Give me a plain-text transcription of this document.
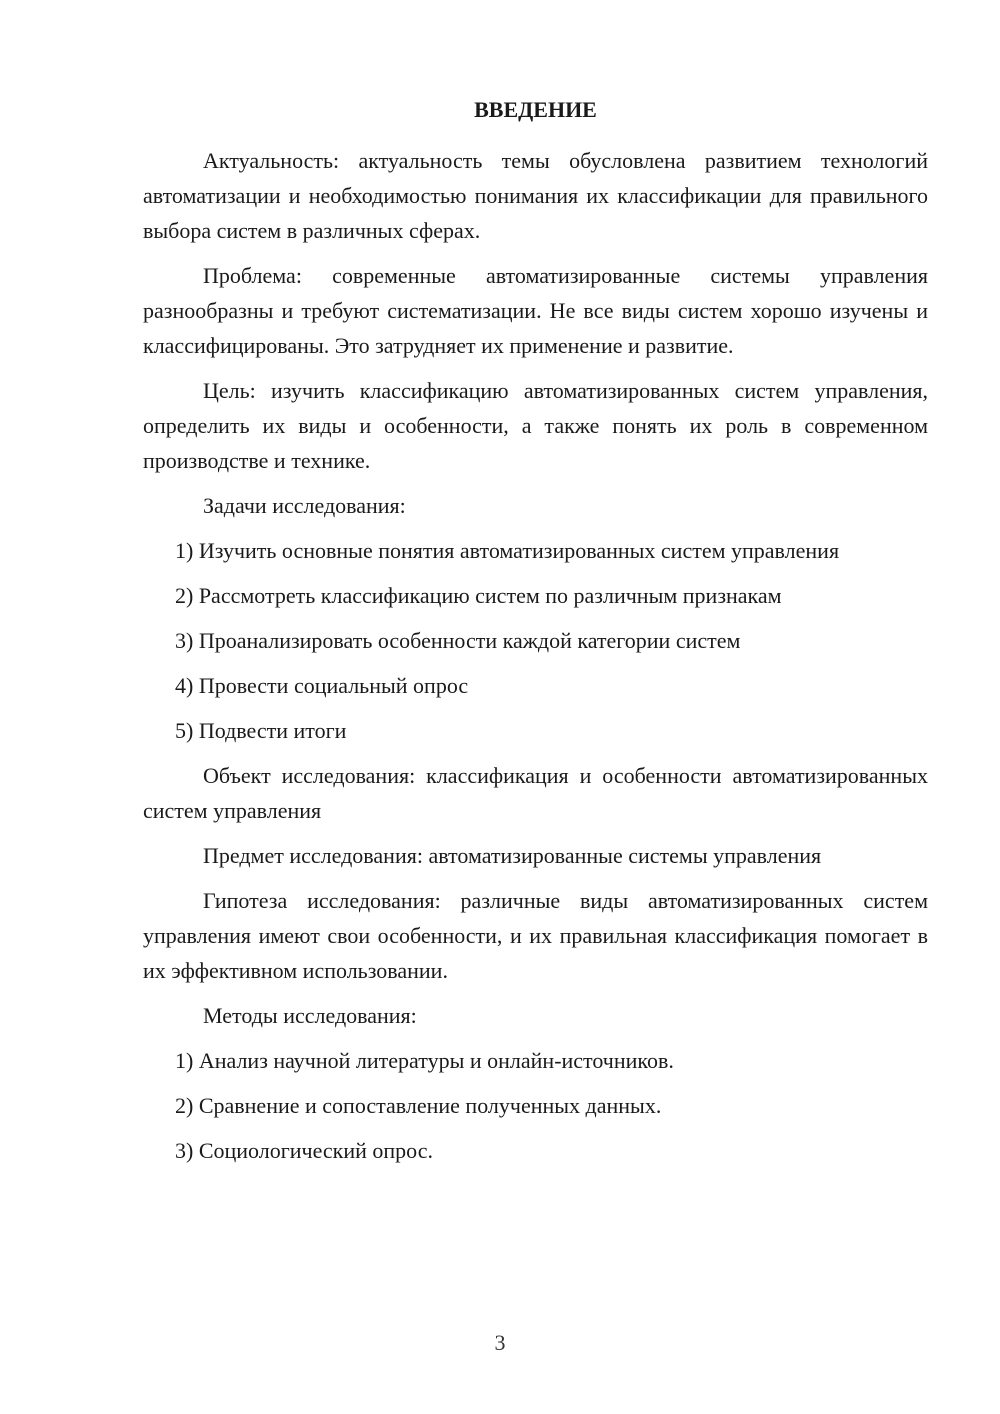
ВВЕДЕНИЕ

Актуальность: актуальность темы обусловлена развитием технологий автоматизации и необходимостью понимания их классификации для правильного выбора систем в различных сферах.

Проблема: современные автоматизированные системы управления разнообразны и требуют систематизации. Не все виды систем хорошо изучены и классифицированы. Это затрудняет их применение и развитие.

Цель: изучить классификацию автоматизированных систем управления, определить их виды и особенности, а также понять их роль в современном производстве и технике.

Задачи исследования:

1) Изучить основные понятия автоматизированных систем управления
2) Рассмотреть классификацию систем по различным признакам
3) Проанализировать особенности каждой категории систем
4) Провести социальный опрос
5) Подвести итоги

Объект исследования: классификация и особенности автоматизированных систем управления

Предмет исследования: автоматизированные системы управления

Гипотеза исследования: различные виды автоматизированных систем управления имеют свои особенности, и их правильная классификация помогает в их эффективном использовании.

Методы исследования:

1) Анализ научной литературы и онлайн-источников.
2) Сравнение и сопоставление полученных данных.
3) Социологический опрос.
3
